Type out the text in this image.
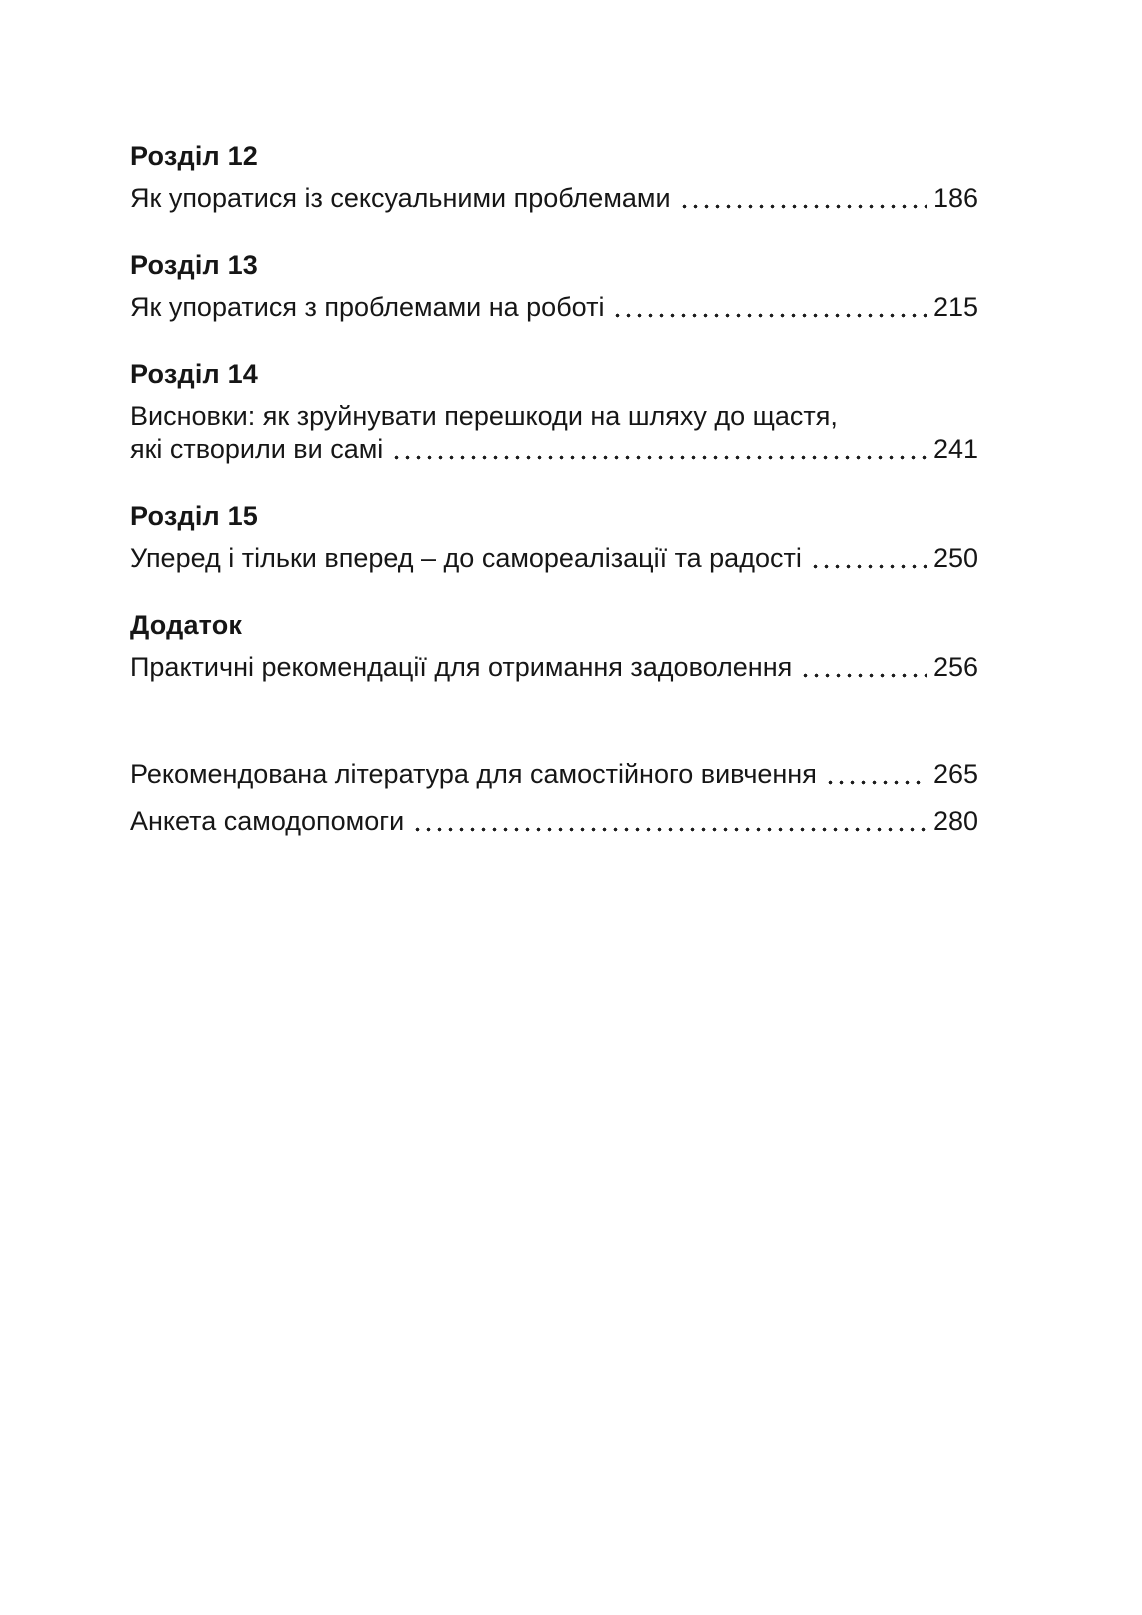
Розділ 12
Як упоратися із сексуальними проблемами	186
Розділ 13
Як упоратися з проблемами на роботі	215
Розділ 14
Висновки: як зруйнувати перешкоди на шляху до щастя,
які створили ви самі	241
Розділ 15
Уперед і тільки вперед – до самореалізації та радості	250
Додаток
Практичні рекомендації для отримання задоволення	256
Рекомендована література для самостійного вивчення	265
Анкета самодопомоги	280
